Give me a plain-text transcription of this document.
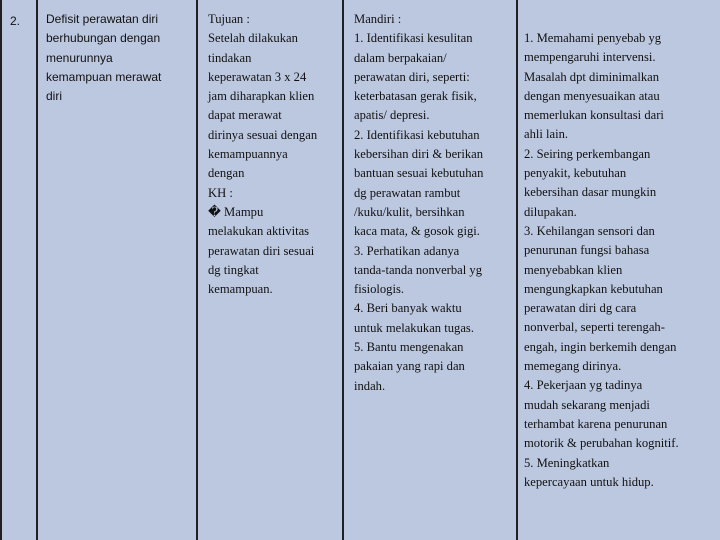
2. Defisit perawatan diri
berhubungan dengan
menurunnya
kemampuan merawat
diri
Tujuan :
Setelah dilakukan
tindakan
keperawatan 3 x 24
jam diharapkan klien
dapat merawat
dirinya sesuai dengan
kemampuannya
dengan
KH :
� Mampu
melakukan aktivitas
perawatan diri sesuai
dg tingkat
kemampuan.
Mandiri :
1. Identifikasi kesulitan
dalam berpakaian/
perawatan diri, seperti:
keterbatasan gerak fisik,
apatis/ depresi.
2. Identifikasi kebutuhan
kebersihan diri & berikan
bantuan sesuai kebutuhan
dg perawatan rambut
/kuku/kulit, bersihkan
kaca mata, & gosok gigi.
3. Perhatikan adanya
tanda-tanda nonverbal yg
fisiologis.
4. Beri banyak waktu
untuk melakukan tugas.
5. Bantu mengenakan
pakaian yang rapi dan
indah.
1. Memahami penyebab yg
mempengaruhi intervensi.
Masalah dpt diminimalkan
dengan menyesuaikan atau
memerlukan konsultasi dari
ahli lain.
2. Seiring perkembangan
penyakit, kebutuhan
kebersihan dasar mungkin
dilupakan.
3. Kehilangan sensori dan
penurunan fungsi bahasa
menyebabkan klien
mengungkapkan kebutuhan
perawatan diri dg cara
nonverbal, seperti terengah-
engah, ingin berkemih dengan
memegang dirinya.
4. Pekerjaan yg tadinya
mudah sekarang menjadi
terhambat karena penurunan
motorik & perubahan kognitif.
5. Meningkatkan
kepercayaan untuk hidup.
